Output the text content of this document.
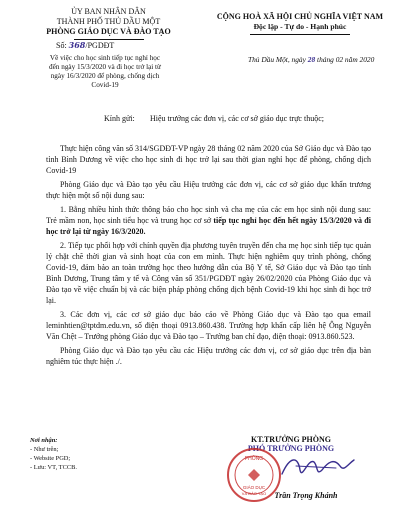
ỦY BAN NHÂN DÂN
THÀNH PHỐ THỦ DẦU MỘT
PHÒNG GIÁO DỤC VÀ ĐÀO TẠO
CỘNG HOÀ XÃ HỘI CHỦ NGHĨA VIỆT NAM
Độc lập - Tự do - Hạnh phúc
Số: 368/PGDĐT
Về việc cho học sinh tiếp tục nghỉ học
đến ngày 15/3/2020 và đi học trở lại từ
ngày 16/3/2020 để phòng, chống dịch
Covid-19
Thủ Dầu Một, ngày 28 tháng 02 năm 2020
Kính gửi: Hiệu trưởng các đơn vị, các cơ sở giáo dục trực thuộc;

Thực hiện công văn số 314/SGDĐT-VP ngày 28 tháng 02 năm 2020 của Sở Giáo dục và Đào tạo tỉnh Bình Dương về việc cho học sinh đi học trở lại sau thời gian nghỉ học để phòng, chống dịch Covid-19

Phòng Giáo dục và Đào tạo yêu cầu Hiệu trưởng các đơn vị, các cơ sở giáo dục khẩn trương thực hiện một số nội dung sau:

1. Bằng nhiều hình thức thông báo cho học sinh và cha mẹ của các em học sinh nội dung sau: Trẻ mầm non, học sinh tiểu học và trung học cơ sở tiếp tục nghỉ học đến hết ngày 15/3/2020 và đi học trở lại từ ngày 16/3/2020.

2. Tiếp tục phối hợp với chính quyền địa phương tuyên truyền đến cha mẹ học sinh tiếp tục quản lý chặt chẽ thời gian và sinh hoạt của con em mình. Thực hiện nghiêm quy trình phòng, chống Covid-19, đảm bảo an toàn trường học theo hướng dẫn của Bộ Y tế, Sở Giáo dục và Đào tạo tỉnh Bình Dương, Trung tâm y tế và Công văn số 351/PGDĐT ngày 26/02/2020 của Phòng Giáo dục và Đào tạo về việc chuẩn bị và các biện pháp phòng chống dịch bệnh Covid-19 khi học sinh đi học trở lại.

3. Các đơn vị, các cơ sở giáo dục báo cáo về Phòng Giáo dục và Đào tạo qua email leminhtien@tptdm.edu.vn, số điện thoại 0913.860.438. Trường hợp khẩn cấp liên hệ Ông Nguyễn Văn Chệt – Trưởng phòng Giáo dục và Đào tạo – Trưởng ban chỉ đạo, điện thoại: 0913.860.523.

Phòng Giáo dục và Đào tạo yêu cầu các Hiệu trưởng các đơn vị, cơ sở giáo dục trên địa bàn nghiêm túc thực hiện ./.

Nơi nhận:
- Như trên;
- Website PGD;
- Lưu: VT, TCCB.
KT.TRƯỞNG PHÒNG
PHÓ TRƯỞNG PHÒNG
Trần Trọng Khánh
PHÒNG
GIÁO DỤC
VÀ ĐÀO TẠO
